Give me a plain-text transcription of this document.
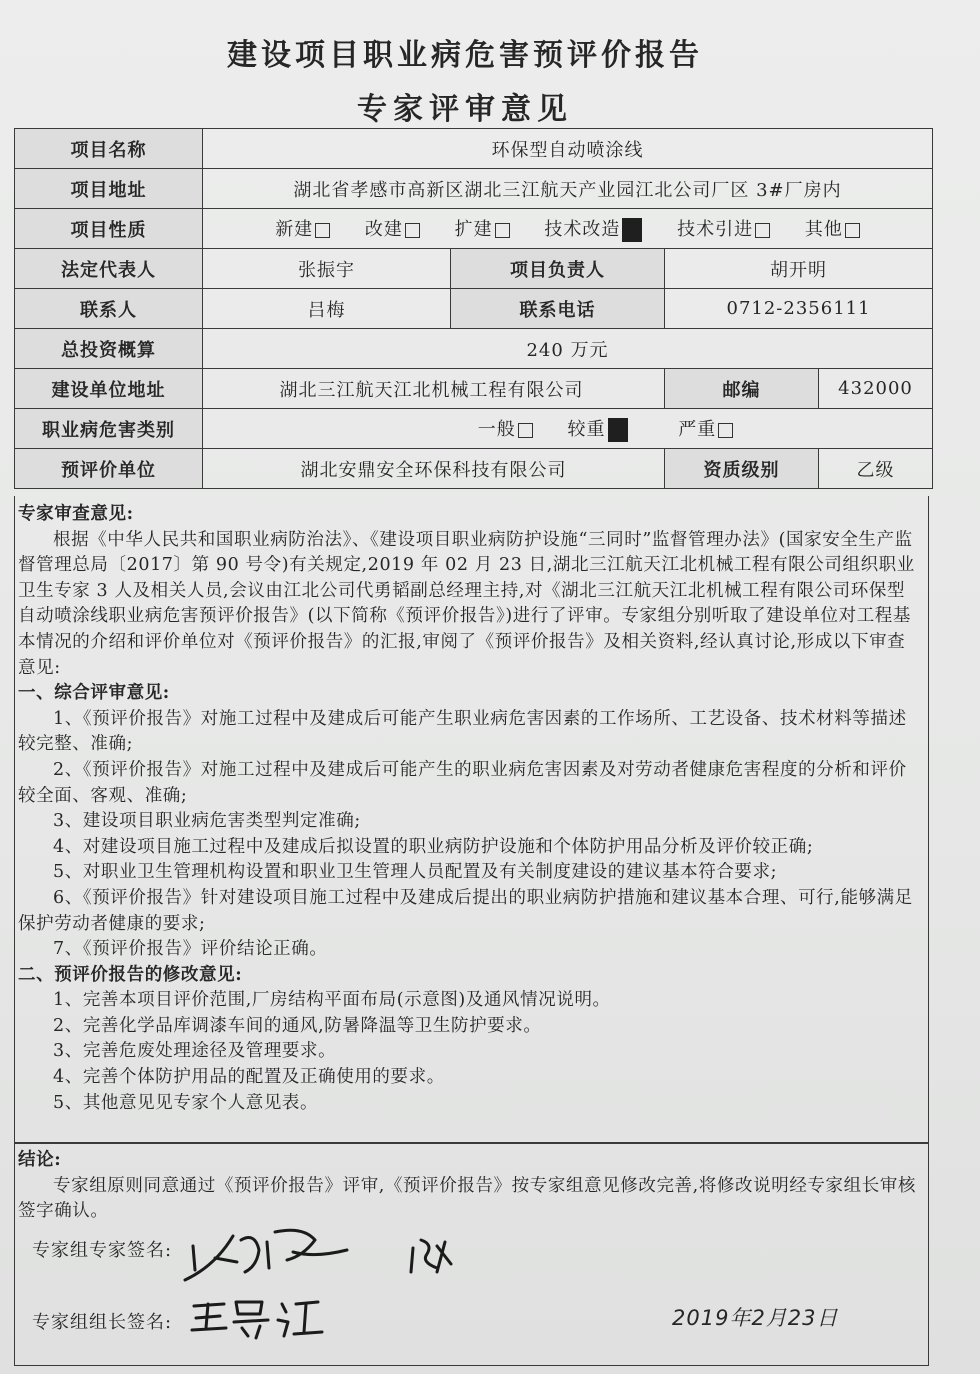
建设项目职业病危害预评价报告
专家评审意见
项目名称	环保型自动喷涂线			
项目地址	湖北省孝感市高新区湖北三江航天产业园江北公司厂区 3#厂房内			
项目性质	新建 改建 扩建 技术改造 技术引进 其他			
法定代表人	张振宇	项目负责人	胡开明	
联系人	吕梅	联系电话	0712-2356111	
总投资概算	240 万元			
建设单位地址	湖北三江航天江北机械工程有限公司		邮编	432000
职业病危害类别	一般 较重 严重			
预评价单位	湖北安鼎安全环保科技有限公司		资质级别	乙级

专家审查意见:

根据《中华人民共和国职业病防治法》、《建设项目职业病防护设施“三同时”监督管理办法》(国家安全生产监督管理总局〔2017〕第 90 号令)有关规定,2019 年 02 月 23 日,湖北三江航天江北机械工程有限公司组织职业卫生专家 3 人及相关人员,会议由江北公司代勇韬副总经理主持,对《湖北三江航天江北机械工程有限公司环保型自动喷涂线职业病危害预评价报告》(以下简称《预评价报告》)进行了评审。专家组分别听取了建设单位对工程基本情况的介绍和评价单位对《预评价报告》的汇报,审阅了《预评价报告》及相关资料,经认真讨论,形成以下审查意见:

一、综合评审意见:

1、《预评价报告》对施工过程中及建成后可能产生职业病危害因素的工作场所、工艺设备、技术材料等描述较完整、准确;

2、《预评价报告》对施工过程中及建成后可能产生的职业病危害因素及对劳动者健康危害程度的分析和评价较全面、客观、准确;

3、建设项目职业病危害类型判定准确;

4、对建设项目施工过程中及建成后拟设置的职业病防护设施和个体防护用品分析及评价较正确;

5、对职业卫生管理机构设置和职业卫生管理人员配置及有关制度建设的建议基本符合要求;

6、《预评价报告》针对建设项目施工过程中及建成后提出的职业病防护措施和建议基本合理、可行,能够满足保护劳动者健康的要求;

7、《预评价报告》评价结论正确。

二、预评价报告的修改意见:

1、完善本项目评价范围,厂房结构平面布局(示意图)及通风情况说明。

2、完善化学品库调漆车间的通风,防暑降温等卫生防护要求。

3、完善危废处理途径及管理要求。

4、完善个体防护用品的配置及正确使用的要求。

5、其他意见见专家个人意见表。

结论:

专家组原则同意通过《预评价报告》评审,《预评价报告》按专家组意见修改完善,将修改说明经专家组长审核签字确认。

专家组专家签名:
专家组组长签名:	2019年2月23日
